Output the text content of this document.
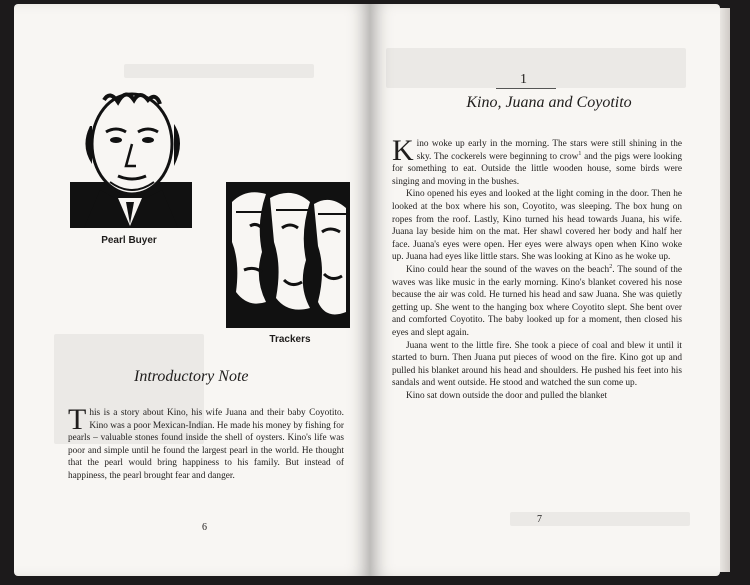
Pearl Buyer
Trackers
Introductory Note
This is a story about Kino, his wife Juana and their baby Coyotito. Kino was a poor Mexican-Indian. He made his money by fishing for pearls – valuable stones found inside the shell of oysters. Kino's life was poor and simple until he found the largest pearl in the world. He thought that the pearl would bring happiness to his family. But instead of happiness, the pearl brought fear and danger.
6
7
1
Kino, Juana and Coyotito

Kino woke up early in the morning. The stars were still shining in the sky. The cockerels were beginning to crow$^1$ and the pigs were looking for something to eat. Outside the little wooden house, some birds were singing and moving in the bushes.

Kino opened his eyes and looked at the light coming in the door. Then he looked at the box where his son, Coyotito, was sleeping. The box hung on ropes from the roof. Lastly, Kino turned his head towards Juana, his wife. Juana lay beside him on the mat. Her shawl covered her body and half her face. Juana's eyes were open. Her eyes were always open when Kino woke up. Juana had eyes like little stars. She was looking at Kino as he woke up.

Kino could hear the sound of the waves on the beach$^2$. The sound of the waves was like music in the early morning. Kino's blanket covered his nose because the air was cold. He turned his head and saw Juana. She was quietly getting up. She went to the hanging box where Coyotito slept. She bent over and comforted Coyotito. The baby looked up for a moment, then closed his eyes and slept again.

Juana went to the little fire. She took a piece of coal and blew it until it started to burn. Then Juana put pieces of wood on the fire. Kino got up and pulled his blanket around his head and shoulders. He pushed his feet into his sandals and went outside. He stood and watched the sun come up.

Kino sat down outside the door and pulled the blanket
